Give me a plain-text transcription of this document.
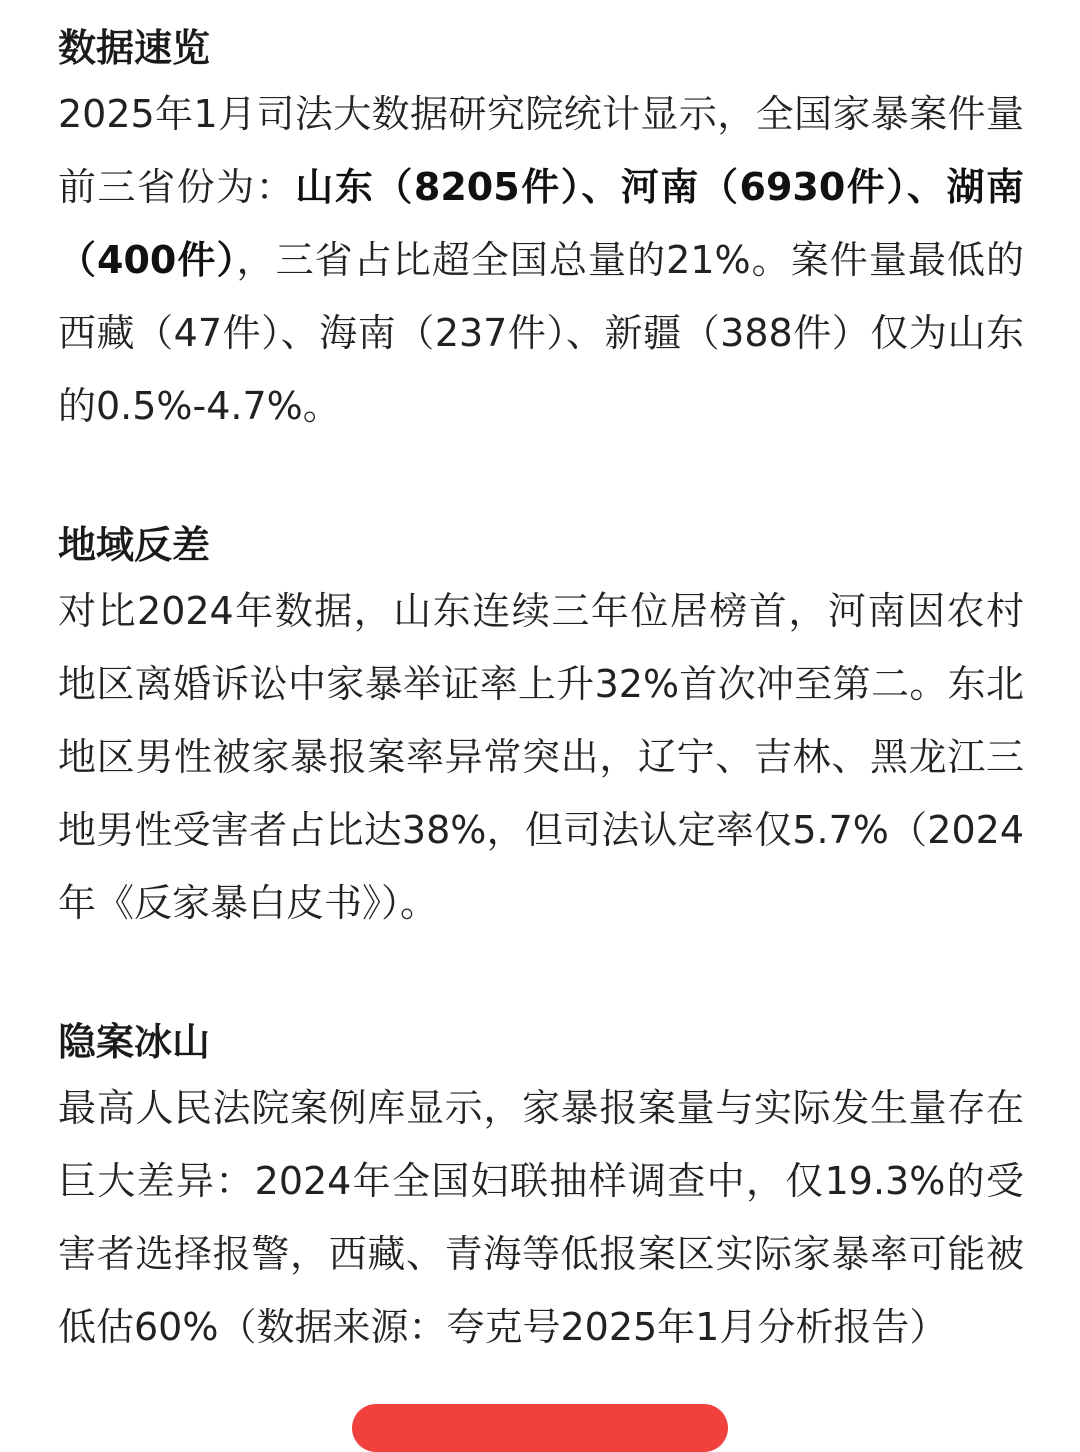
数据速览

2025年1月司法大数据研究院统计显示，全国家暴案件量前三省份为：山东（8205件）、河南（6930件）、湖南（400件），三省占比超全国总量的21%。案件量最低的西藏（47件）、海南（237件）、新疆（388件）仅为山东的0.5%-4.7%。

地域反差

对比2024年数据，山东连续三年位居榜首，河南因农村地区离婚诉讼中家暴举证率上升32%首次冲至第二。东北地区男性被家暴报案率异常突出，辽宁、吉林、黑龙江三地男性受害者占比达38%，但司法认定率仅5.7%（2024年《反家暴白皮书》）。

隐案冰山

最高人民法院案例库显示，家暴报案量与实际发生量存在巨大差异：2024年全国妇联抽样调查中，仅19.3%的受害者选择报警，西藏、青海等低报案区实际家暴率可能被低估60%（数据来源：夸克号2025年1月分析报告）
